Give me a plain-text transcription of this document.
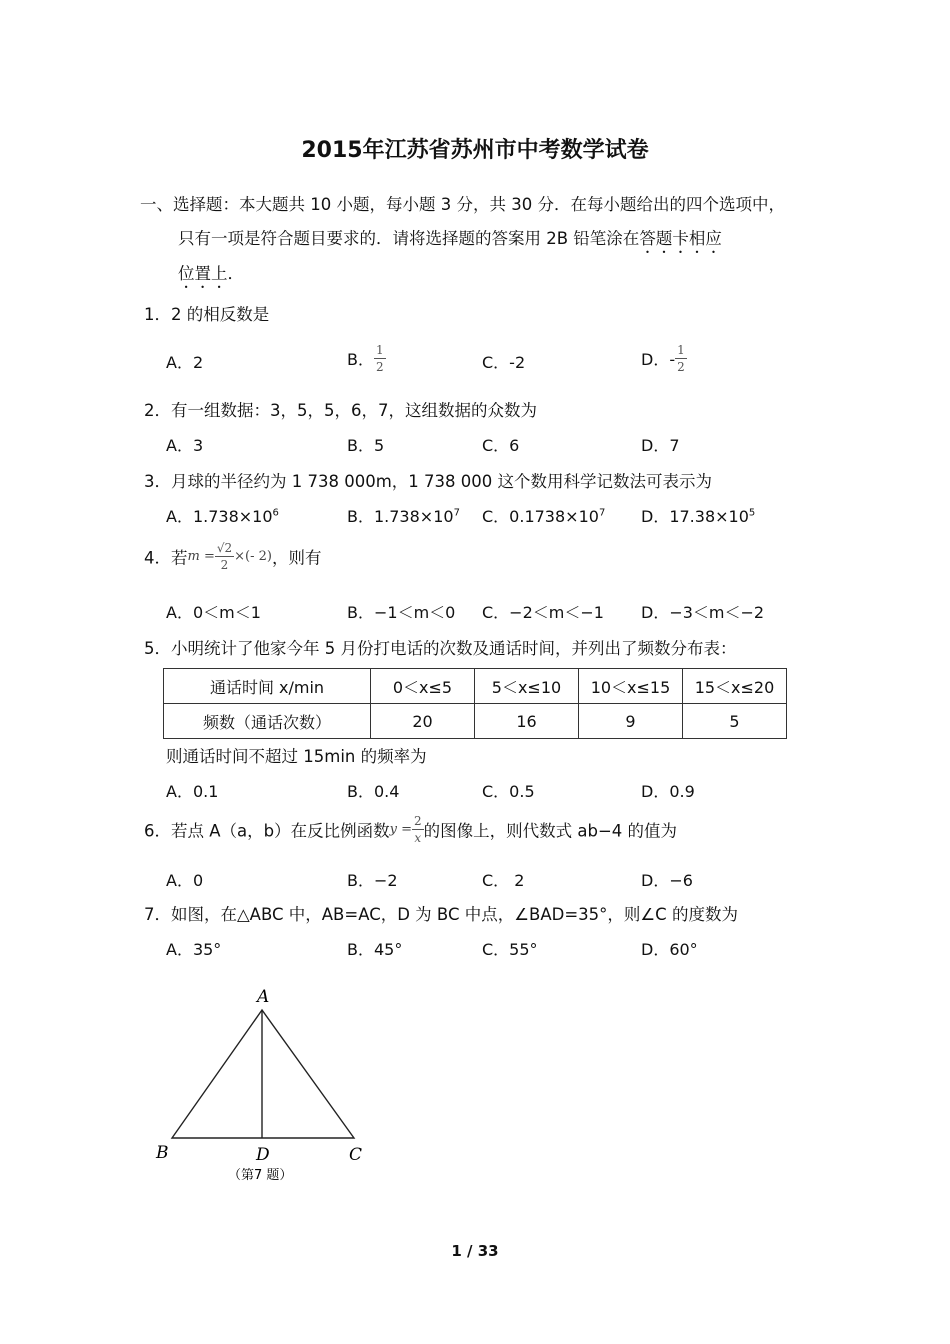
2015年江苏省苏州市中考数学试卷
一、选择题：本大题共 10 小题，每小题 3 分，共 30 分．在每小题给出的四个选项中，
只有一项是符合题目要求的．请将选择题的答案用 2B 铅笔涂在答题卡相应
位置上．
1．2 的相反数是
A．2	B． $\frac{1}{2}$	C．-2	D．- $\frac{1}{2}$
2．有一组数据：3，5，5，6，7，这组数据的众数为
A．3	B．5	C．6	D．7
3．月球的半径约为 1 738 000m，1 738 000 这个数用科学记数法可表示为
A．$1.738\times 10^6$	B．$1.738\times 10^7$ C．$0.1738\times 10^7$ D．$17.38\times 10^5$
4．若$m = \frac{√2}{2}$ ×(- 2)，则有
A．0＜m＜1	B．−1＜m＜0 C．−2＜m＜−1 D．−3＜m＜−2
5．小明统计了他家今年 5 月份打电话的次数及通话时间，并列出了频数分布表：
通话时间 x/min	0＜x≤5	5＜x≤10	10＜x≤15	15＜x≤20
频数（通话次数）	20	16	9	5
则通话时间不超过 15min 的频率为
A．0.1	B．0.4	C．0.5	D．0.9
6．若点 A（a，b）在反比例函数$y = \frac{2}{x}$ 的图像上，则代数式 ab−4 的值为
A．0	B．−2	C． 2	D．−6
7．如图，在△ABC 中，AB=AC，D 为 BC 中点，∠BAD=35°，则∠C 的度数为
A．35°	B．45°	C．55°	D．60°
A
B	D	C
（第7 题）
1 / 33
